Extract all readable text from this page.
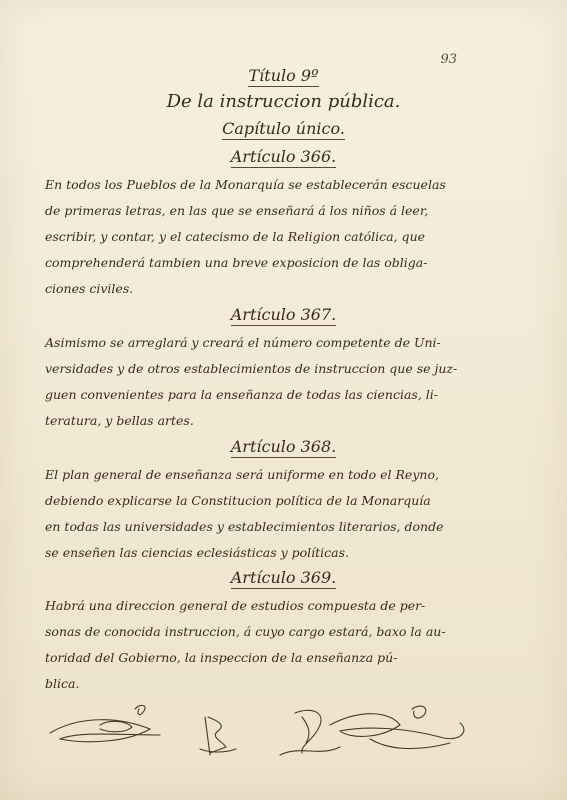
93
Título 9º
De la instruccion pública.
Capítulo único.
Artículo 366.
En todos los Pueblos de la Monarquía se establecerán escuelas
de primeras letras, en las que se enseñará á los niños á leer,
escribir, y contar, y el catecismo de la Religion católica, que
comprehenderá tambien una breve exposicion de las obliga-
ciones civiles.
Artículo 367.
Asimismo se arreglará y creará el número competente de Uni-
versidades y de otros establecimientos de instruccion que se juz-
guen convenientes para la enseñanza de todas las ciencias, li-
teratura, y bellas artes.
Artículo 368.
El plan general de enseñanza será uniforme en todo el Reyno,
debiendo explicarse la Constitucion política de la Monarquía
en todas las universidades y establecimientos literarios, donde
se enseñen las ciencias eclesiásticas y políticas.
Artículo 369.
Habrá una direccion general de estudios compuesta de per-
sonas de conocida instruccion, á cuyo cargo estará, baxo la au-
toridad del Gobierno, la inspeccion de la enseñanza pú-
blica.
